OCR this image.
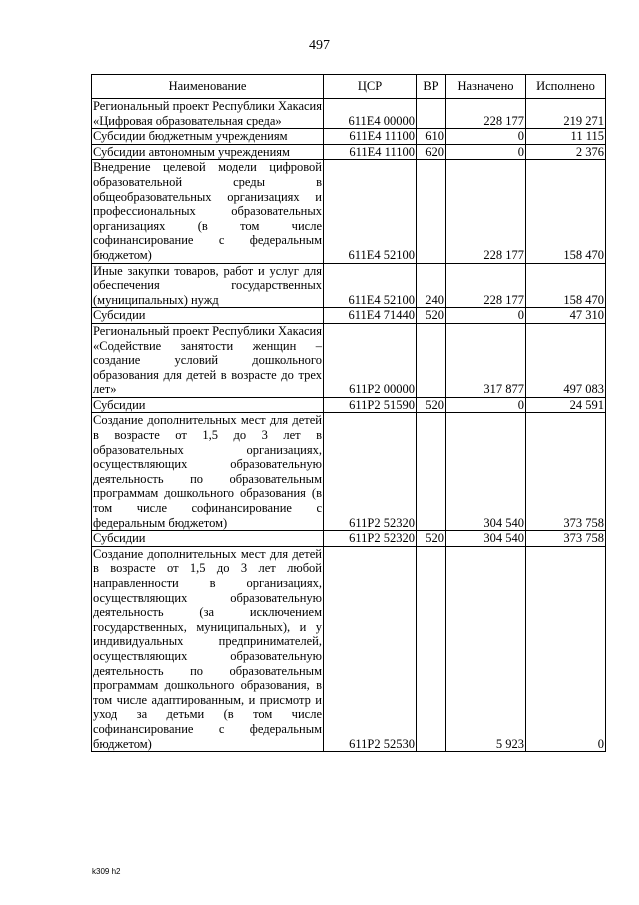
497
Наименование	ЦСР	ВР	Назначено	Исполнено
Региональный проект Республики Хакасия «Цифровая образовательная среда»	611E4 00000		228 177	219 271
Субсидии бюджетным учреждениям	611E4 11100	610	0	11 115
Субсидии автономным учреждениям	611E4 11100	620	0	2 376
Внедрение целевой модели цифровой образовательной среды в общеобразовательных организациях и профессиональных образовательных организациях (в том числе софинансирование с федеральным бюджетом)	611E4 52100		228 177	158 470
Иные закупки товаров, работ и услуг для обеспечения государственных (муниципальных) нужд	611E4 52100	240	228 177	158 470
Субсидии	611E4 71440	520	0	47 310
Региональный проект Республики Хакасия «Содействие занятости женщин – создание условий дошкольного образования для детей в возрасте до трех лет»	611P2 00000		317 877	497 083
Субсидии	611P2 51590	520	0	24 591
Создание дополнительных мест для детей в возрасте от 1,5 до 3 лет в образовательных организациях, осуществляющих образовательную деятельность по образовательным программам дошкольного образования (в том числе софинансирование с федеральным бюджетом)	611P2 52320		304 540	373 758
Субсидии	611P2 52320	520	304 540	373 758
Создание дополнительных мест для детей в возрасте от 1,5 до 3 лет любой направленности в организациях, осуществляющих образовательную деятельность (за исключением государственных, муниципальных), и у индивидуальных предпринимателей, осуществляющих образовательную деятельность по образовательным программам дошкольного образования, в том числе адаптированным, и присмотр и уход за детьми (в том числе софинансирование с федеральным бюджетом)	611P2 52530		5 923	0
k309 h2
